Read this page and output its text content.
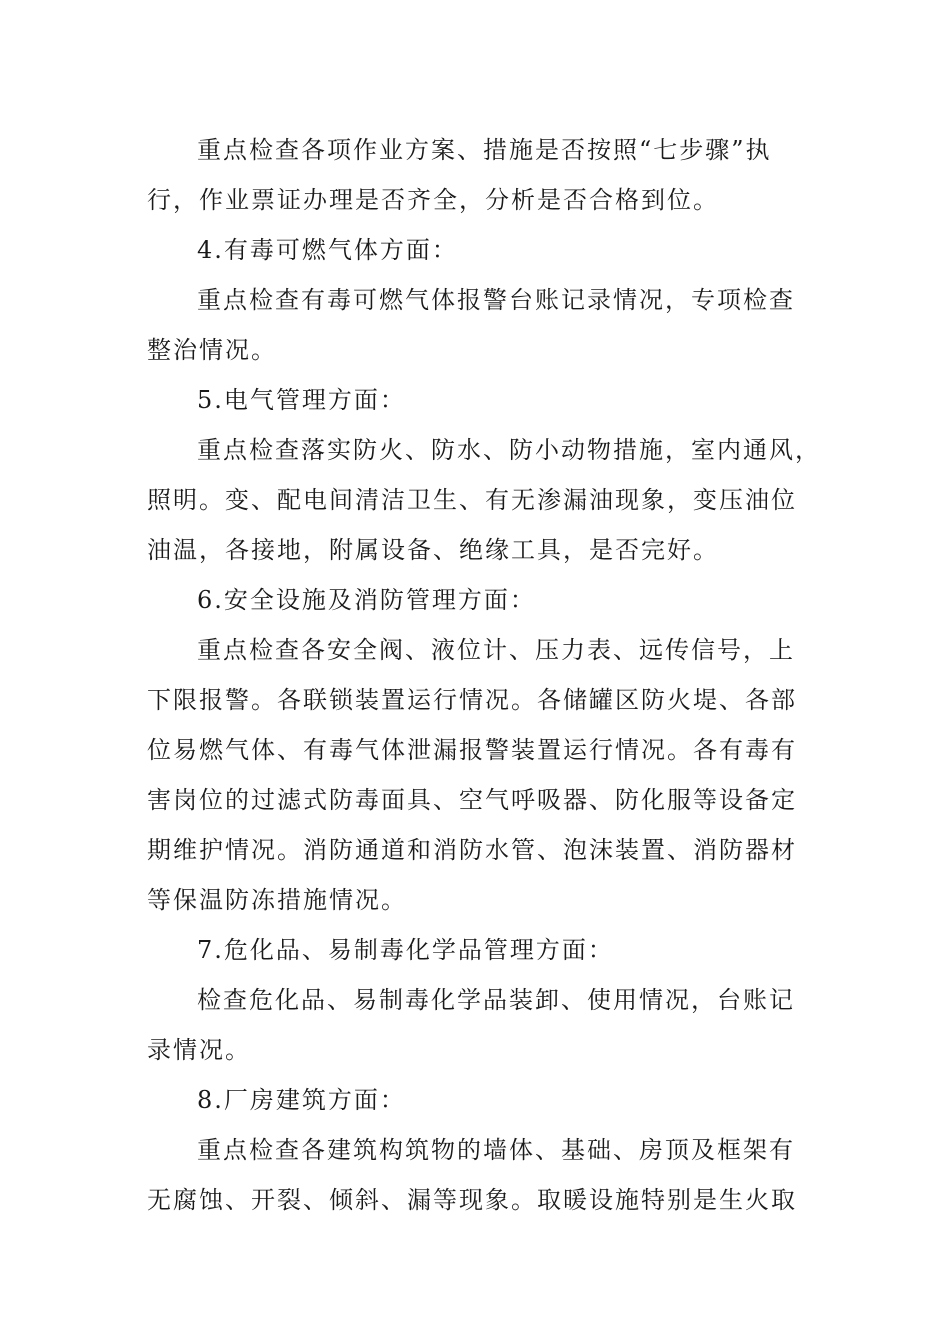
重点检查各项作业方案、措施是否按照“七步骤”执

行，作业票证办理是否齐全，分析是否合格到位。

4.有毒可燃气体方面：

重点检查有毒可燃气体报警台账记录情况，专项检查

整治情况。

5.电气管理方面：

重点检查落实防火、防水、防小动物措施，室内通风，

照明。变、配电间清洁卫生、有无渗漏油现象，变压油位

油温，各接地，附属设备、绝缘工具，是否完好。

6.安全设施及消防管理方面：

重点检查各安全阀、液位计、压力表、远传信号，上

下限报警。各联锁装置运行情况。各储罐区防火堤、各部

位易燃气体、有毒气体泄漏报警装置运行情况。各有毒有

害岗位的过滤式防毒面具、空气呼吸器、防化服等设备定

期维护情况。消防通道和消防水管、泡沫装置、消防器材

等保温防冻措施情况。

7.危化品、易制毒化学品管理方面：

检查危化品、易制毒化学品装卸、使用情况，台账记

录情况。

8.厂房建筑方面：

重点检查各建筑构筑物的墙体、基础、房顶及框架有

无腐蚀、开裂、倾斜、漏等现象。取暖设施特别是生火取
